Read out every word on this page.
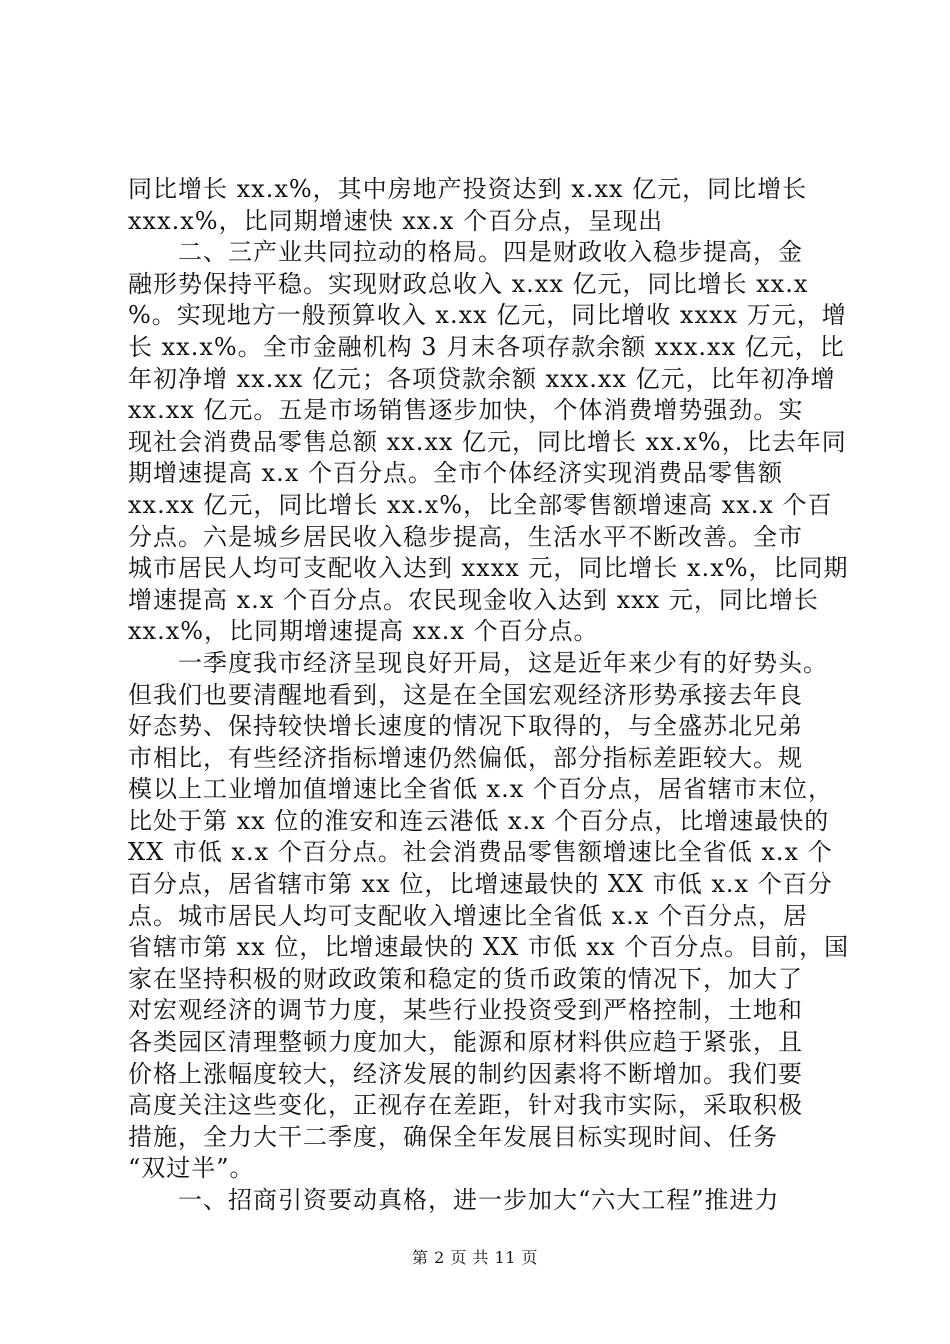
同比增长 xx.x%，其中房地产投资达到 x.xx 亿元，同比增长
xxx.x%，比同期增速快 xx.x 个百分点，呈现出
　　二、三产业共同拉动的格局。四是财政收入稳步提高，金
融形势保持平稳。实现财政总收入 x.xx 亿元，同比增长 xx.x
%。实现地方一般预算收入 x.xx 亿元，同比增收 xxxx 万元，增
长 xx.x%。全市金融机构 3 月末各项存款余额 xxx.xx 亿元，比
年初净增 xx.xx 亿元；各项贷款余额 xxx.xx 亿元，比年初净增
xx.xx 亿元。五是市场销售逐步加快，个体消费增势强劲。实
现社会消费品零售总额 xx.xx 亿元，同比增长 xx.x%，比去年同
期增速提高 x.x 个百分点。全市个体经济实现消费品零售额
xx.xx 亿元，同比增长 xx.x%，比全部零售额增速高 xx.x 个百
分点。六是城乡居民收入稳步提高，生活水平不断改善。全市
城市居民人均可支配收入达到 xxxx 元，同比增长 x.x%，比同期
增速提高 x.x 个百分点。农民现金收入达到 xxx 元，同比增长
xx.x%，比同期增速提高 xx.x 个百分点。
　　一季度我市经济呈现良好开局，这是近年来少有的好势头。
但我们也要清醒地看到，这是在全国宏观经济形势承接去年良
好态势、保持较快增长速度的情况下取得的，与全盛苏北兄弟
市相比，有些经济指标增速仍然偏低，部分指标差距较大。规
模以上工业增加值增速比全省低 x.x 个百分点，居省辖市末位，
比处于第 xx 位的淮安和连云港低 x.x 个百分点，比增速最快的
XX 市低 x.x 个百分点。社会消费品零售额增速比全省低 x.x 个
百分点，居省辖市第 xx 位，比增速最快的 XX 市低 x.x 个百分
点。城市居民人均可支配收入增速比全省低 x.x 个百分点，居
省辖市第 xx 位，比增速最快的 XX 市低 xx 个百分点。目前，国
家在坚持积极的财政政策和稳定的货币政策的情况下，加大了
对宏观经济的调节力度，某些行业投资受到严格控制，土地和
各类园区清理整顿力度加大，能源和原材料供应趋于紧张，且
价格上涨幅度较大，经济发展的制约因素将不断增加。我们要
高度关注这些变化，正视存在差距，针对我市实际，采取积极
措施，全力大干二季度，确保全年发展目标实现时间、任务
“双过半”。
　　一、招商引资要动真格，进一步加大“六大工程”推进力
第 2 页 共 11 页
